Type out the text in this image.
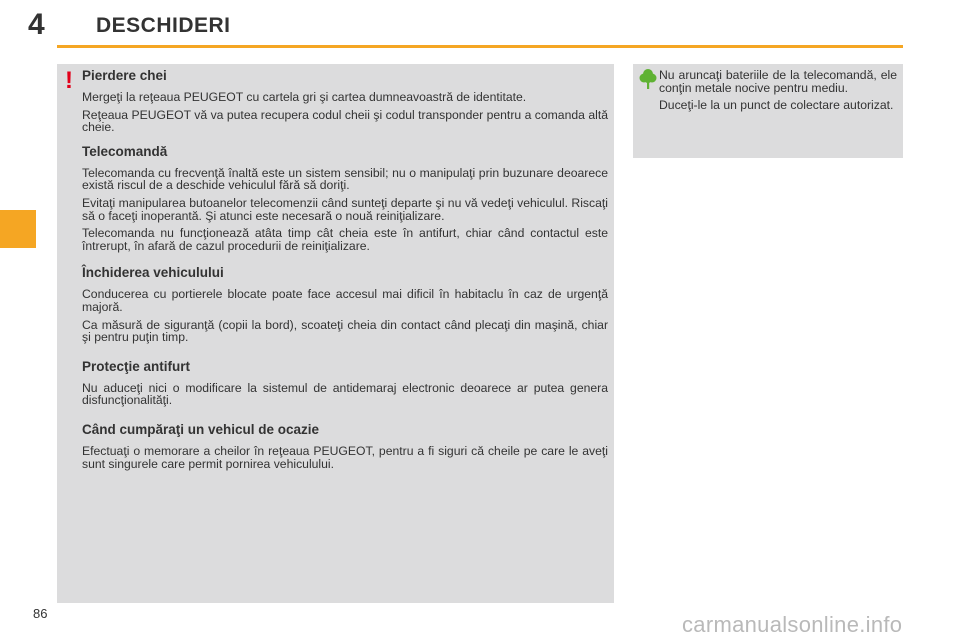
4 DESCHIDERI
! Pierdere chei

Mergeţi la reţeaua PEUGEOT cu cartela gri şi cartea dumneavoastră de identitate.

Reţeaua PEUGEOT vă va putea recupera codul cheii şi codul transponder pentru a comanda altă cheie.

Telecomandă

Telecomanda cu frecvenţă înaltă este un sistem sensibil; nu o manipulaţi prin buzunare deoarece există riscul de a deschide vehiculul fără să doriţi.

Evitaţi manipularea butoanelor telecomenzii când sunteţi departe şi nu vă vedeţi vehiculul. Riscaţi să o faceţi inoperantă. Şi atunci este necesară o nouă reiniţializare.

Telecomanda nu funcţionează atâta timp cât cheia este în antifurt, chiar când contactul este întrerupt, în afară de cazul procedurii de reiniţializare.

Închiderea vehiculului

Conducerea cu portierele blocate poate face accesul mai dificil în habitaclu în caz de urgenţă majoră.

Ca măsură de siguranţă (copii la bord), scoateţi cheia din contact când plecaţi din maşină, chiar şi pentru puţin timp.

Protecţie antifurt

Nu aduceţi nici o modificare la sistemul de antidemaraj electronic deoarece ar putea genera disfuncţionalităţi.

Când cumpăraţi un vehicul de ocazie

Efectuaţi o memorare a cheilor în reţeaua PEUGEOT, pentru a fi siguri că cheile pe care le aveţi sunt singurele care permit pornirea vehiculului.

Nu aruncaţi bateriile de la telecomandă, ele conţin metale nocive pentru mediu.

Duceţi-le la un punct de colectare autorizat.

86	carmanualsonline.info
